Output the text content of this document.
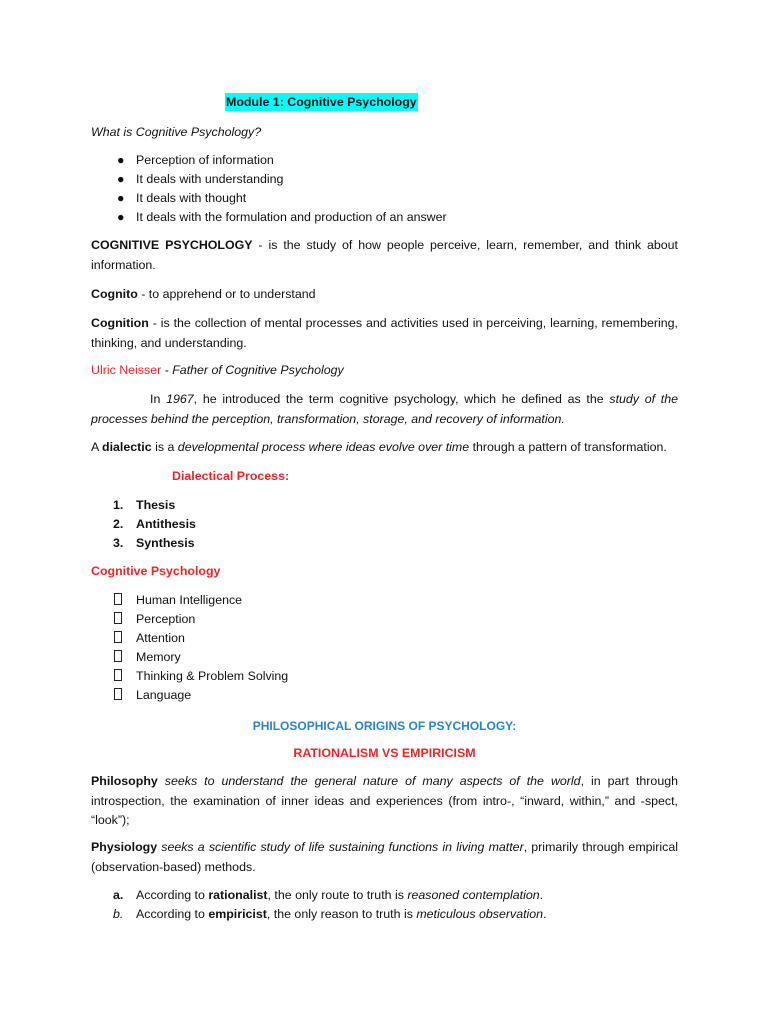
Module 1: Cognitive Psychology
What is Cognitive Psychology?
● Perception of information
● It deals with understanding
● It deals with thought
● It deals with the formulation and production of an answer
COGNITIVE PSYCHOLOGY - is the study of how people perceive, learn, remember, and think about information.
Cognito - to apprehend or to understand
Cognition - is the collection of mental processes and activities used in perceiving, learning, remembering, thinking, and understanding.
Ulric Neisser - Father of Cognitive Psychology
In 1967, he introduced the term cognitive psychology, which he defined as the study of the processes behind the perception, transformation, storage, and recovery of information.
A dialectic is a developmental process where ideas evolve over time through a pattern of transformation.
Dialectical Process:
1. Thesis
2. Antithesis
3. Synthesis
Cognitive Psychology
Human Intelligence
Perception
Attention
Memory
Thinking & Problem Solving
Language
PHILOSOPHICAL ORIGINS OF PSYCHOLOGY:
RATIONALISM VS EMPIRICISM
Philosophy seeks to understand the general nature of many aspects of the world, in part through introspection, the examination of inner ideas and experiences (from intro-, “inward, within,” and -spect, “look”);
Physiology seeks a scientific study of life sustaining functions in living matter, primarily through empirical (observation-based) methods.
a. According to rationalist, the only route to truth is reasoned contemplation.
b. According to empiricist, the only reason to truth is meticulous observation.
